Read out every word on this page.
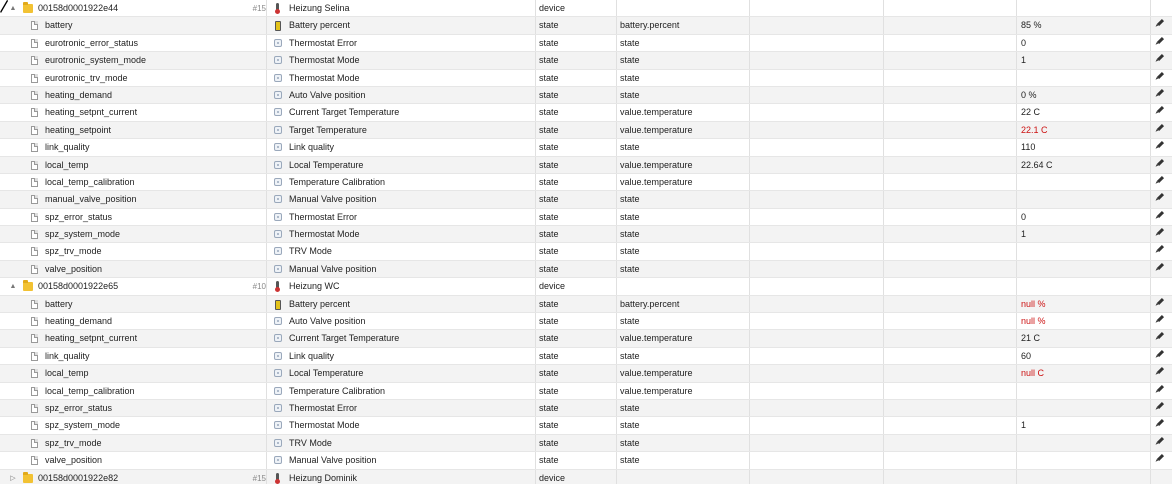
▲ 00158d0001922e44	#15	Heizung Selina	device
battery	Battery percent	state	battery.percent	85 %
eurotronic_error_status	Thermostat Error	state	state	0
eurotronic_system_mode	Thermostat Mode	state	state	1
eurotronic_trv_mode	Thermostat Mode	state	state
heating_demand	Auto Valve position	state	state	0 %
heating_setpnt_current	Current Target Temperature	state	value.temperature	22 C
heating_setpoint	Target Temperature	state	value.temperature	22.1 C
link_quality	Link quality	state	state	110
local_temp	Local Temperature	state	value.temperature	22.64 C
local_temp_calibration	Temperature Calibration	state	value.temperature
manual_valve_position	Manual Valve position	state	state
spz_error_status	Thermostat Error	state	state	0
spz_system_mode	Thermostat Mode	state	state	1
spz_trv_mode	TRV Mode	state	state
valve_position	Manual Valve position	state	state
▲ 00158d0001922e65	#10	Heizung WC	device
battery	Battery percent	state	battery.percent	null %
heating_demand	Auto Valve position	state	state	null %
heating_setpnt_current	Current Target Temperature	state	value.temperature	21 C
link_quality	Link quality	state	state	60
local_temp	Local Temperature	state	value.temperature	null C
local_temp_calibration	Temperature Calibration	state	value.temperature
spz_error_status	Thermostat Error	state	state
spz_system_mode	Thermostat Mode	state	state	1
spz_trv_mode	TRV Mode	state	state
valve_position	Manual Valve position	state	state
▷ 00158d0001922e82	#15	Heizung Dominik	device
